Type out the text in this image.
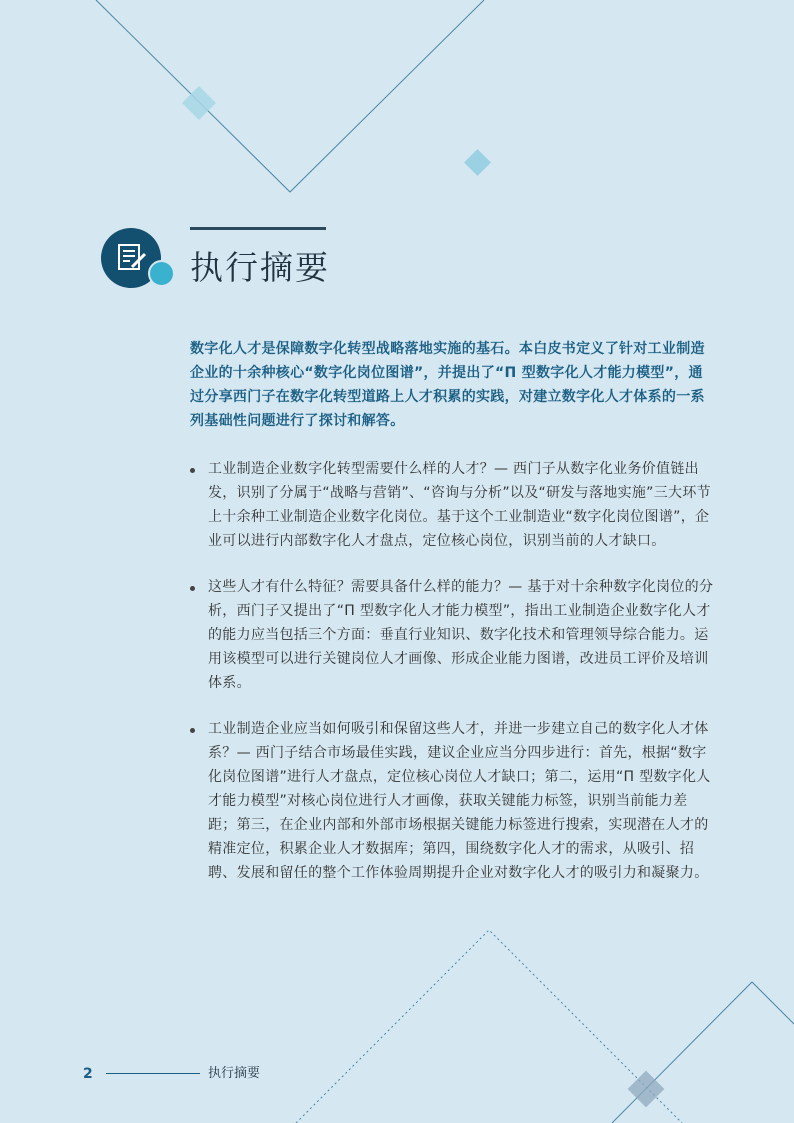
执行摘要

数字化人才是保障数字化转型战略落地实施的基石。本白皮书定义了针对工业制造企业的十余种核心“数字化岗位图谱”，并提出了“Π 型数字化人才能力模型”，通过分享西门子在数字化转型道路上人才积累的实践，对建立数字化人才体系的一系列基础性问题进行了探讨和解答。

工业制造企业数字化转型需要什么样的人才？— 西门子从数字化业务价值链出发，识别了分属于“战略与营销”、“咨询与分析”以及“研发与落地实施”三大环节上十余种工业制造企业数字化岗位。基于这个工业制造业“数字化岗位图谱”，企业可以进行内部数字化人才盘点，定位核心岗位，识别当前的人才缺口。
这些人才有什么特征？需要具备什么样的能力？— 基于对十余种数字化岗位的分析，西门子又提出了“Π 型数字化人才能力模型”，指出工业制造企业数字化人才的能力应当包括三个方面：垂直行业知识、数字化技术和管理领导综合能力。运用该模型可以进行关键岗位人才画像、形成企业能力图谱，改进员工评价及培训体系。
工业制造企业应当如何吸引和保留这些人才，并进一步建立自己的数字化人才体系？— 西门子结合市场最佳实践，建议企业应当分四步进行：首先，根据“数字化岗位图谱”进行人才盘点，定位核心岗位人才缺口；第二，运用“Π 型数字化人才能力模型”对核心岗位进行人才画像，获取关键能力标签，识别当前能力差距；第三，在企业内部和外部市场根据关键能力标签进行搜索，实现潜在人才的精准定位，积累企业人才数据库；第四，围绕数字化人才的需求，从吸引、招聘、发展和留任的整个工作体验周期提升企业对数字化人才的吸引力和凝聚力。
2	执行摘要
